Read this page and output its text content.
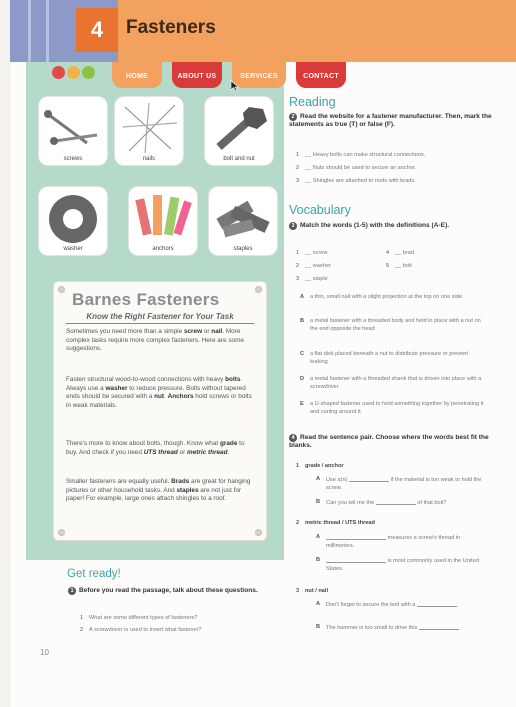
4	Fasteners
HOME	ABOUT US	SERVICES	CONTACT
screws	nails	bolt and nut
washer	anchors	staples
Barnes Fasteners
Know the Right Fastener for Your Task
Sometimes you need more than a simple screw or nail. More complex tasks require more complex fasteners. Here are some suggestions.
Fasten structural wood-to-wood connections with heavy bolts. Always use a washer to reduce pressure. Bolts without tapered ends should be secured with a nut. Anchors hold screws or bolts in weak materials.
There's more to know about bolts, though. Know what grade to buy. And check if you need UTS thread or metric thread.
Smaller fasteners are equally useful. Brads are great for hanging pictures or other household tasks. And staples are not just for paper! For example, large ones attach shingles to a roof.
Get ready!
1 Before you read the passage, talk about these questions.
1 What are some different types of fasteners?
2 A screwdriver is used to insert what fastener?
10
Reading
2 Read the website for a fastener manufacturer. Then, mark the statements as true (T) or false (F).
1 __ Heavy bolts can make structural connections.
2 __ Nuts should be used to secure an anchor.
3 __ Shingles are attached to roofs with brads.
Vocabulary
3 Match the words (1-5) with the definitions (A-E).
1 __ screw	4 __ brad
2 __ washer	5 __ bolt
3 __ staple
A a thin, small nail with a slight projection at the top on one side
B a metal fastener with a threaded body and held in place with a nut on the end opposite the head
C a flat disk placed beneath a nut to distribute pressure or prevent leaking
D a metal fastener with a threaded shank that is driven into place with a screwdriver
E a U-shaped fastener used to hold something together by penetrating it and curling around it
4 Read the sentence pair. Choose where the words best fit the blanks.
1 grade / anchor
A Use a(n)	if the material is too weak to hold the screw.
B Can you tell me the	of that bolt?
2 metric thread / UTS thread
A	measures a screw's thread in millimeters.
B	is most commonly used in the United States.
3 nut / nail
A Don't forget to secure the bolt with a
B The hammer is too small to drive this
